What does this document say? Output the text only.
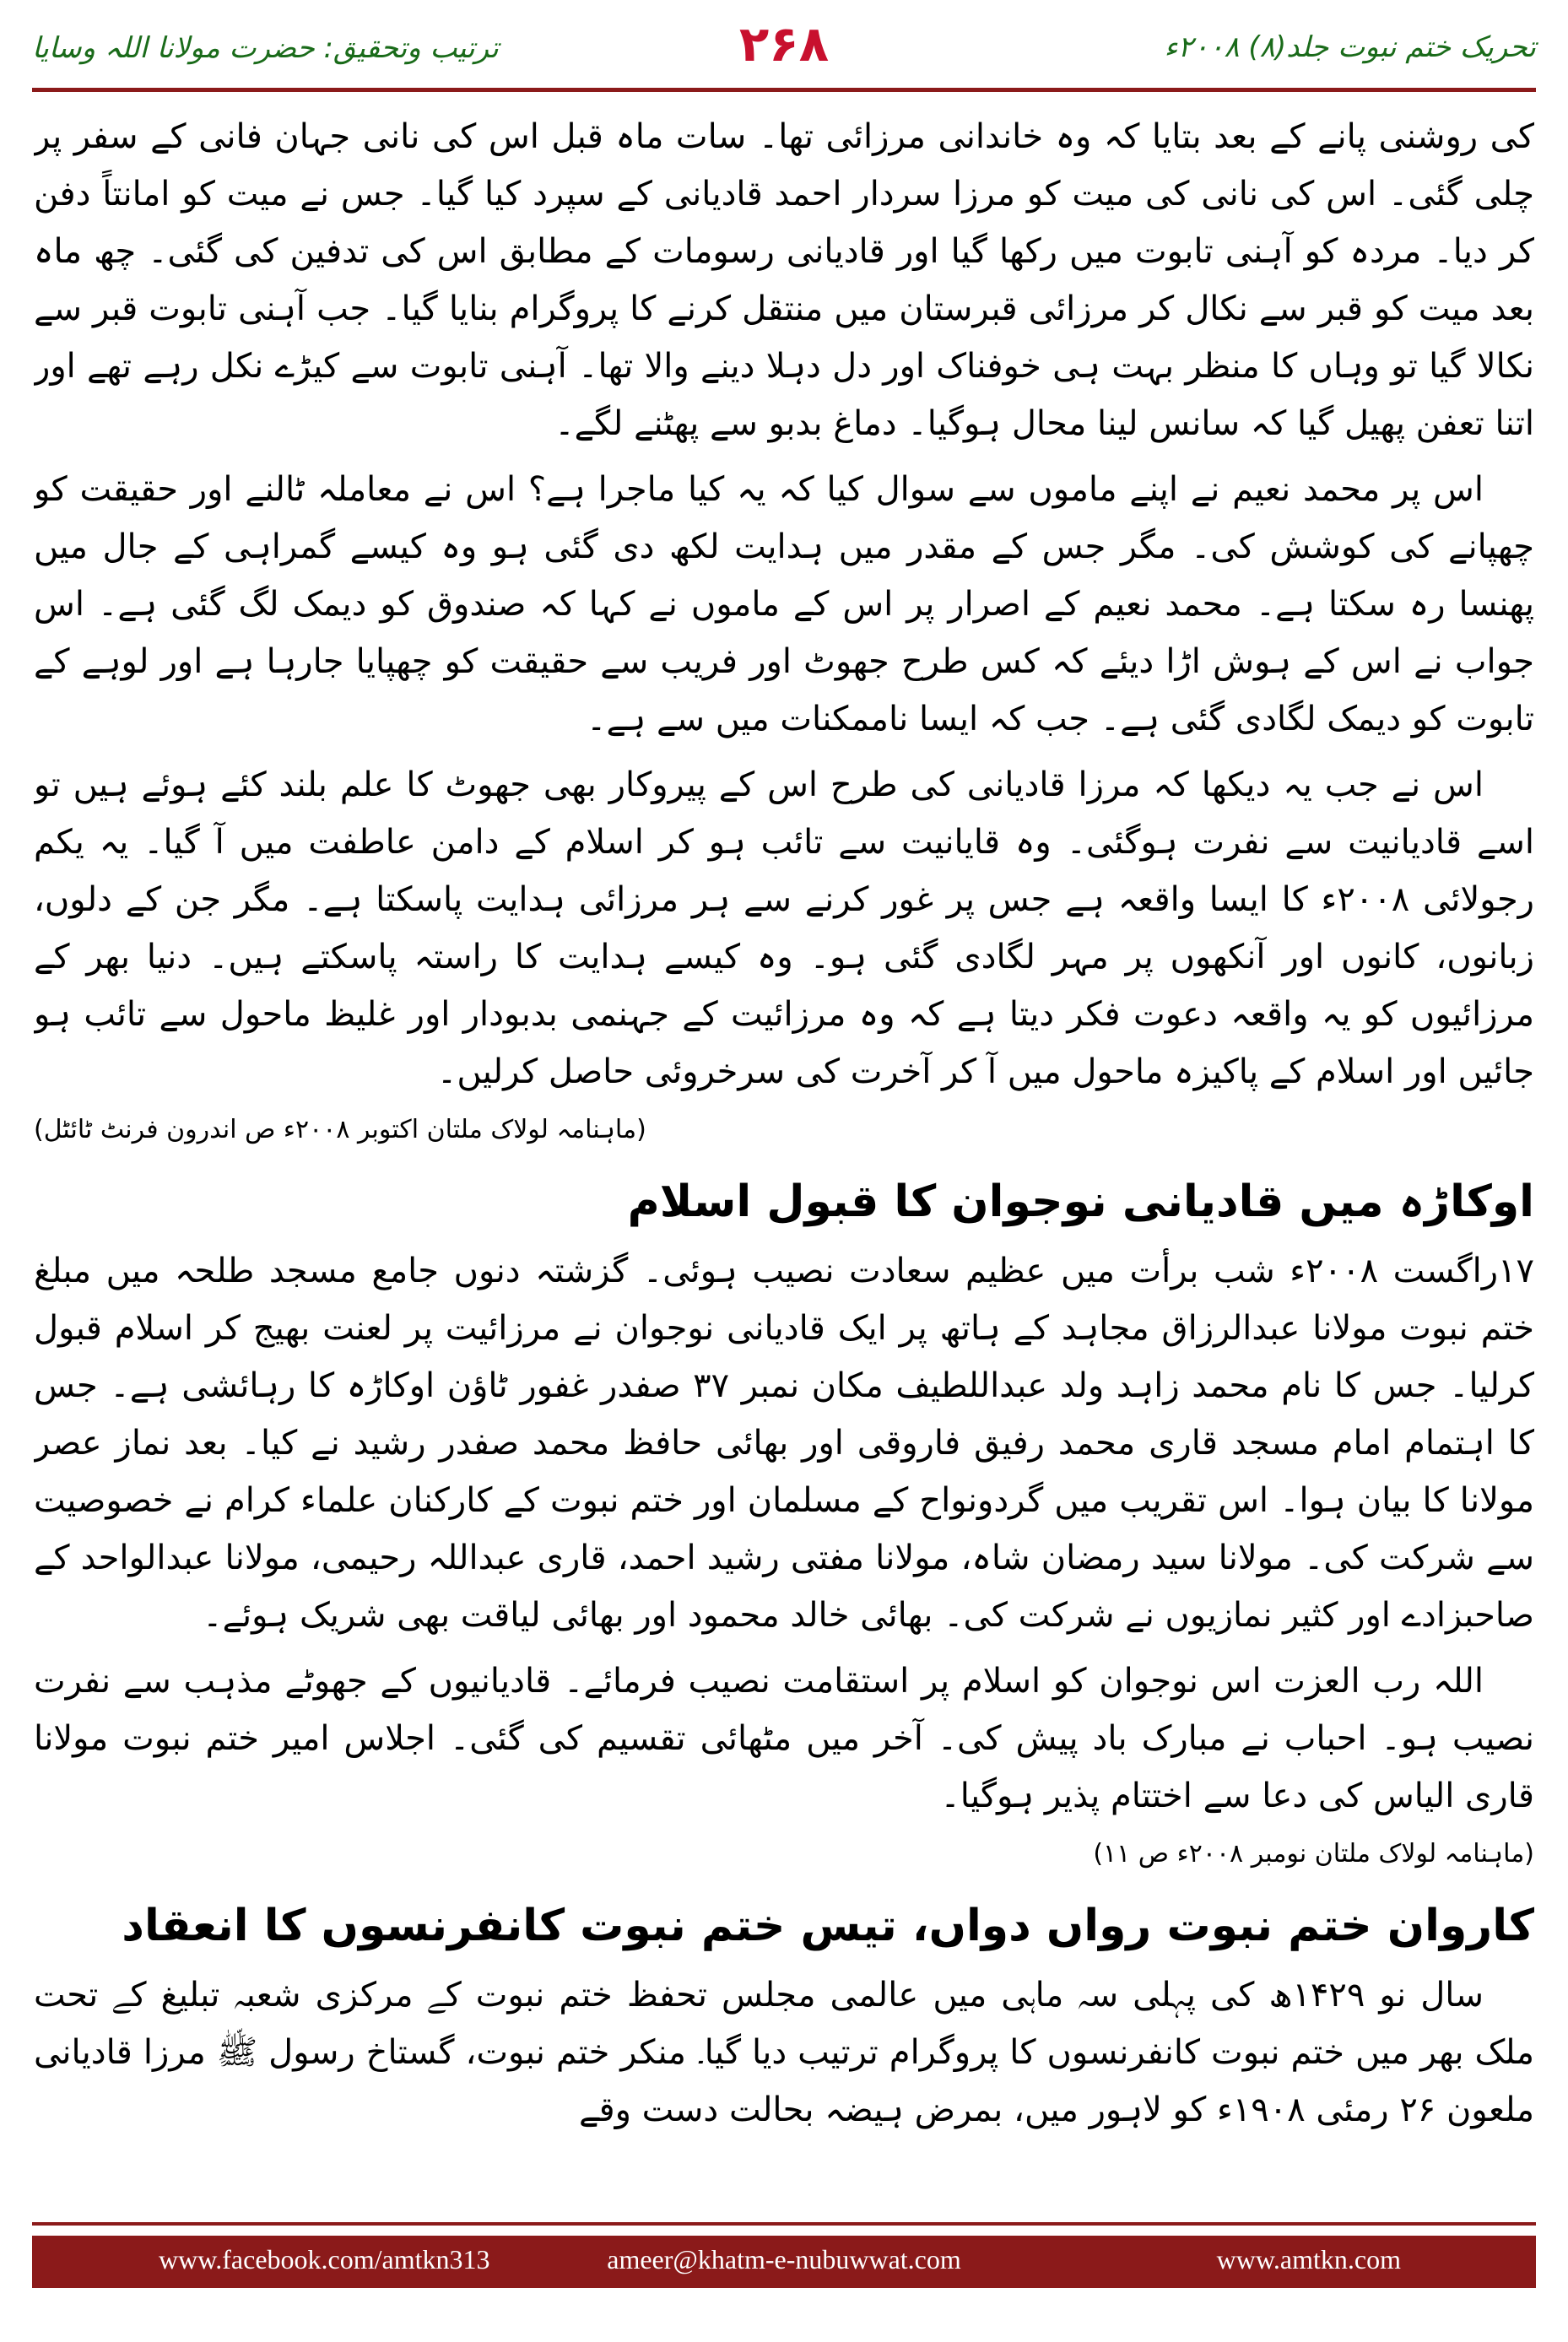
تحریک ختم نبوت جلد(۸) ۲۰۰۸ء
۲۶۸
ترتیب وتحقیق: حضرت مولانا اللہ وسایا

کی روشنی پانے کے بعد بتایا کہ وہ خاندانی مرزائی تھا۔ سات ماہ قبل اس کی نانی جہان فانی کے سفر پر چلی گئی۔ اس کی نانی کی میت کو مرزا سردار احمد قادیانی کے سپرد کیا گیا۔ جس نے میت کو امانتاً دفن کر دیا۔ مردہ کو آہنی تابوت میں رکھا گیا اور قادیانی رسومات کے مطابق اس کی تدفین کی گئی۔ چھ ماہ بعد میت کو قبر سے نکال کر مرزائی قبرستان میں منتقل کرنے کا پروگرام بنایا گیا۔ جب آہنی تابوت قبر سے نکالا گیا تو وہاں کا منظر بہت ہی خوفناک اور دل دہلا دینے والا تھا۔ آہنی تابوت سے کیڑے نکل رہے تھے اور اتنا تعفن پھیل گیا کہ سانس لینا محال ہوگیا۔ دماغ بدبو سے پھٹنے لگے۔

اس پر محمد نعیم نے اپنے ماموں سے سوال کیا کہ یہ کیا ماجرا ہے؟ اس نے معاملہ ٹالنے اور حقیقت کو چھپانے کی کوشش کی۔ مگر جس کے مقدر میں ہدایت لکھ دی گئی ہو وہ کیسے گمراہی کے جال میں پھنسا رہ سکتا ہے۔ محمد نعیم کے اصرار پر اس کے ماموں نے کہا کہ صندوق کو دیمک لگ گئی ہے۔ اس جواب نے اس کے ہوش اڑا دیئے کہ کس طرح جھوٹ اور فریب سے حقیقت کو چھپایا جارہا ہے اور لوہے کے تابوت کو دیمک لگادی گئی ہے۔ جب کہ ایسا ناممکنات میں سے ہے۔

اس نے جب یہ دیکھا کہ مرزا قادیانی کی طرح اس کے پیروکار بھی جھوٹ کا علم بلند کئے ہوئے ہیں تو اسے قادیانیت سے نفرت ہوگئی۔ وہ قایانیت سے تائب ہو کر اسلام کے دامن عاطفت میں آ گیا۔ یہ یکم رجولائی ۲۰۰۸ء کا ایسا واقعہ ہے جس پر غور کرنے سے ہر مرزائی ہدایت پاسکتا ہے۔ مگر جن کے دلوں، زبانوں، کانوں اور آنکھوں پر مہر لگادی گئی ہو۔ وہ کیسے ہدایت کا راستہ پاسکتے ہیں۔ دنیا بھر کے مرزائیوں کو یہ واقعہ دعوت فکر دیتا ہے کہ وہ مرزائیت کے جہنمی بدبودار اور غلیظ ماحول سے تائب ہو جائیں اور اسلام کے پاکیزہ ماحول میں آ کر آخرت کی سرخروئی حاصل کرلیں۔

(ماہنامہ لولاک ملتان اکتوبر ۲۰۰۸ء ص اندرون فرنٹ ٹائٹل)
اوکاڑہ میں قادیانی نوجوان کا قبول اسلام

۱۷راگست ۲۰۰۸ء شب برأت میں عظیم سعادت نصیب ہوئی۔ گزشتہ دنوں جامع مسجد طلحہ میں مبلغ ختم نبوت مولانا عبدالرزاق مجاہد کے ہاتھ پر ایک قادیانی نوجوان نے مرزائیت پر لعنت بھیج کر اسلام قبول کرلیا۔ جس کا نام محمد زاہد ولد عبداللطیف مکان نمبر ۳۷ صفدر غفور ٹاؤن اوکاڑہ کا رہائشی ہے۔ جس کا اہتمام امام مسجد قاری محمد رفیق فاروقی اور بھائی حافظ محمد صفدر رشید نے کیا۔ بعد نماز عصر مولانا کا بیان ہوا۔ اس تقریب میں گردونواح کے مسلمان اور ختم نبوت کے کارکنان علماء کرام نے خصوصیت سے شرکت کی۔ مولانا سید رمضان شاہ، مولانا مفتی رشید احمد، قاری عبداللہ رحیمی، مولانا عبدالواحد کے صاحبزادے اور کثیر نمازیوں نے شرکت کی۔ بھائی خالد محمود اور بھائی لیاقت بھی شریک ہوئے۔

اللہ رب العزت اس نوجوان کو اسلام پر استقامت نصیب فرمائے۔ قادیانیوں کے جھوٹے مذہب سے نفرت نصیب ہو۔ احباب نے مبارک باد پیش کی۔ آخر میں مٹھائی تقسیم کی گئی۔ اجلاس امیر ختم نبوت مولانا قاری الیاس کی دعا سے اختتام پذیر ہوگیا۔

(ماہنامہ لولاک ملتان نومبر ۲۰۰۸ء ص ۱۱)
کاروان ختم نبوت رواں دواں، تیس ختم نبوت کانفرنسوں کا انعقاد

سال نو ۱۴۲۹ھ کی پہلی سہ ماہی میں عالمی مجلس تحفظ ختم نبوت کے مرکزی شعبہ تبلیغ کے تحت ملک بھر میں ختم نبوت کانفرنسوں کا پروگرام ترتیب دیا گیا۔ منکر ختم نبوت، گستاخ رسول ﷺ مرزا قادیانی ملعون ۲۶ رمئی ۱۹۰۸ء کو لاہور میں، بمرض ہیضہ بحالت دست وقے

www.amtkn.com
ameer@khatm-e-nubuwwat.com
www.facebook.com/amtkn313
